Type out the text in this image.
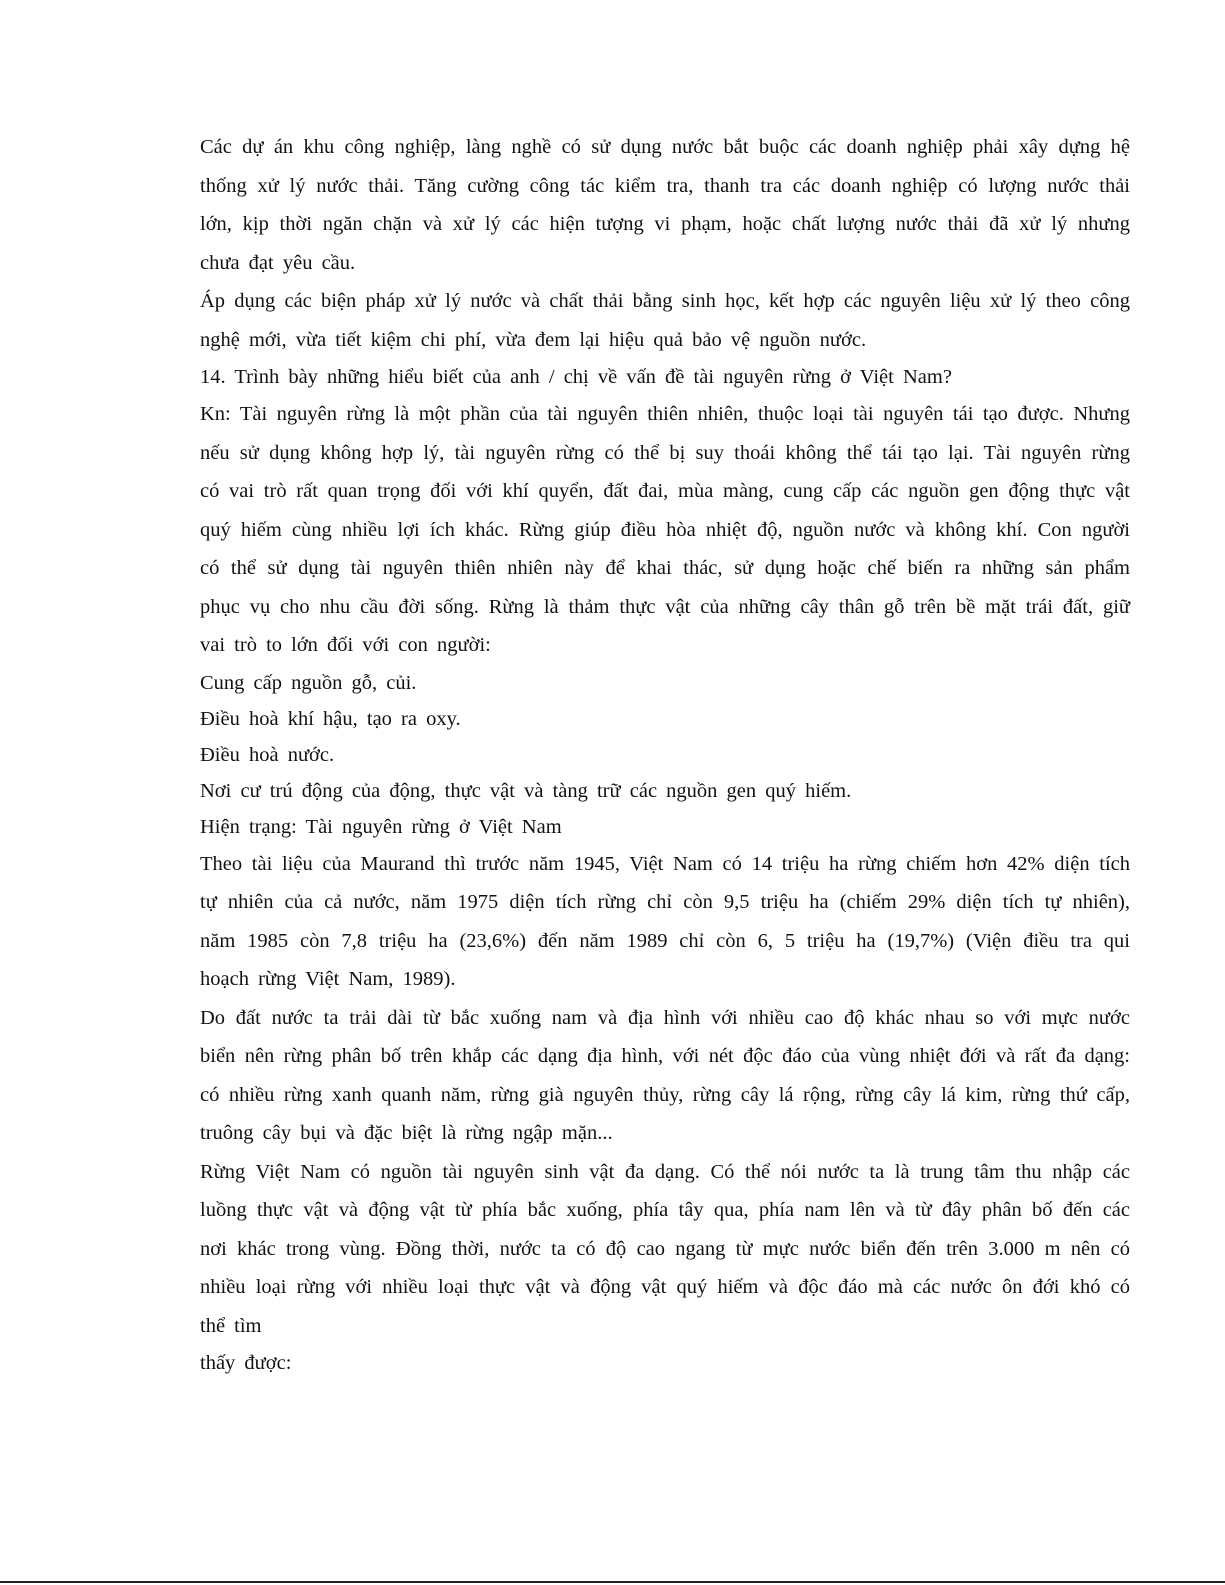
Các dự án khu công nghiệp, làng nghề có sử dụng nước bắt buộc các doanh nghiệp phải xây dựng hệ thống xử lý nước thải. Tăng cường công tác kiểm tra, thanh tra các doanh nghiệp có lượng nước thải lớn, kịp thời ngăn chặn và xử lý các hiện tượng vi phạm, hoặc chất lượng nước thải đã xử lý nhưng chưa đạt yêu cầu.

Áp dụng các biện pháp xử lý nước và chất thải bằng sinh học, kết hợp các nguyên liệu xử lý theo công nghệ mới, vừa tiết kiệm chi phí, vừa đem lại hiệu quả bảo vệ nguồn nước.

14. Trình bày những hiểu biết của anh / chị về vấn đề tài nguyên rừng ở Việt Nam?

Kn: Tài nguyên rừng là một phần của tài nguyên thiên nhiên, thuộc loại tài nguyên tái tạo được. Nhưng nếu sử dụng không hợp lý, tài nguyên rừng có thể bị suy thoái không thể tái tạo lại. Tài nguyên rừng có vai trò rất quan trọng đối với khí quyển, đất đai, mùa màng, cung cấp các nguồn gen động thực vật quý hiếm cùng nhiều lợi ích khác. Rừng giúp điều hòa nhiệt độ, nguồn nước và không khí. Con người có thể sử dụng tài nguyên thiên nhiên này để khai thác, sử dụng hoặc chế biến ra những sản phẩm phục vụ cho nhu cầu đời sống. Rừng là thảm thực vật của những cây thân gỗ trên bề mặt trái đất, giữ vai trò to lớn đối với con người:

Cung cấp nguồn gỗ, củi.

Điều hoà khí hậu, tạo ra oxy.

Điều hoà nước.

Nơi cư trú động của động, thực vật và tàng trữ các nguồn gen quý hiếm.

Hiện trạng: Tài nguyên rừng ở Việt Nam

Theo tài liệu của Maurand thì trước năm 1945, Việt Nam có 14 triệu ha rừng chiếm hơn 42% diện tích tự nhiên của cả nước, năm 1975 diện tích rừng chỉ còn 9,5 triệu ha (chiếm 29% diện tích tự nhiên), năm 1985 còn 7,8 triệu ha (23,6%) đến năm 1989 chỉ còn 6, 5 triệu ha (19,7%) (Viện điều tra qui hoạch rừng Việt Nam, 1989).

Do đất nước ta trải dài từ bắc xuống nam và địa hình với nhiều cao độ khác nhau so với mực nước biển nên rừng phân bố trên khắp các dạng địa hình, với nét độc đáo của vùng nhiệt đới và rất đa dạng: có nhiều rừng xanh quanh năm, rừng già nguyên thủy, rừng cây lá rộng, rừng cây lá kim, rừng thứ cấp, truông cây bụi và đặc biệt là rừng ngập mặn...

Rừng Việt Nam có nguồn tài nguyên sinh vật đa dạng. Có thể nói nước ta là trung tâm thu nhập các luồng thực vật và động vật từ phía bắc xuống, phía tây qua, phía nam lên và từ đây phân bố đến các nơi khác trong vùng. Đồng thời, nước ta có độ cao ngang từ mực nước biển đến trên 3.000 m nên có nhiều loại rừng với nhiều loại thực vật và động vật quý hiếm và độc đáo mà các nước ôn đới khó có thể tìm

thấy được:
